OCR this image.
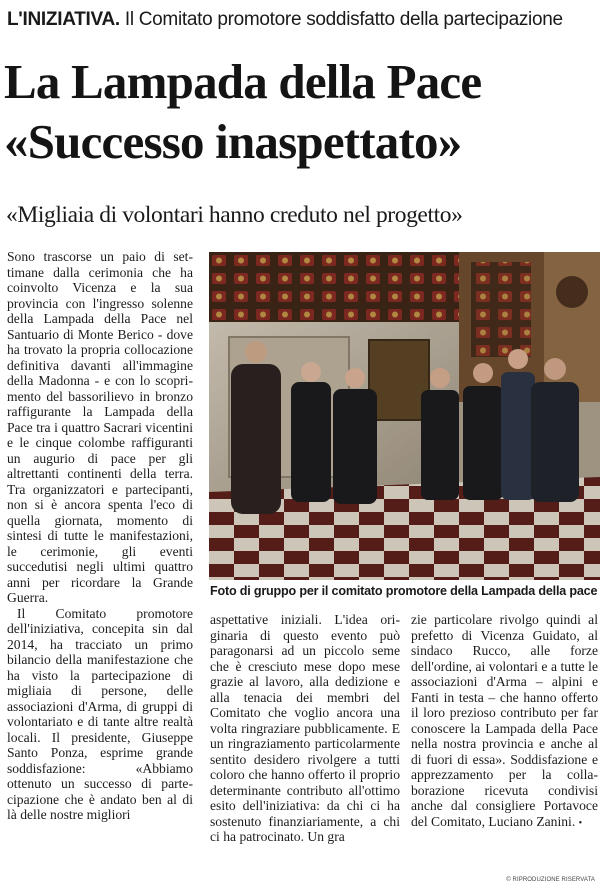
L'INIZIATIVA. Il Comitato promotore soddisfatto della partecipazione
La Lampada della Pace
«Successo inaspettato»
«Migliaia di volontari hanno creduto nel progetto»

Sono trascorse un paio di settimane dalla cerimonia che ha coinvolto Vicenza e la sua provincia con l'ingresso solenne della Lampada della Pace nel Santuario di Monte Berico - dove ha trovato la propria collocazione definitiva davanti all'immagine della Madonna - e con lo scoprimento del bassorilievo in bronzo raffigurante la Lampada della Pace tra i quattro Sacrari vicentini e le cinque colombe raffiguranti un augurio di pace per gli altrettanti continenti della terra. Tra organizzatori e partecipanti, non si è ancora spenta l'eco di quella giornata, momento di sintesi di tutte le manifestazioni, le cerimonie, gli eventi succedutisi negli ultimi quattro anni per ricordare la Grande Guerra.

Il Comitato promotore dell'iniziativa, concepita sin dal 2014, ha tracciato un primo bilancio della manifestazione che ha visto la partecipazione di migliaia di persone, delle associazioni d'Arma, di gruppi di volontariato e di tante altre realtà locali. Il presidente, Giuseppe Santo Ponza, esprime grande soddisfazione: «Abbiamo ottenuto un successo di partecipazione che è andato ben al di là delle nostre migliori

Foto di gruppo per il comitato promotore della Lampada della pace

aspettative iniziali. L'idea originaria di questo evento può paragonarsi ad un piccolo seme che è cresciuto mese dopo mese grazie al lavoro, alla dedizione e alla tenacia dei membri del Comitato che voglio ancora una volta ringraziare pubblicamente. E un ringraziamento particolarmente sentito desidero rivolgere a tutti coloro che hanno offerto il proprio determinante contributo all'ottimo esito dell'iniziativa: da chi ci ha sostenuto finanziariamente, a chi ci ha patrocinato. Un gra

zie particolare rivolgo quindi al prefetto di Vicenza Guidato, al sindaco Rucco, alle forze dell'ordine, ai volontari e a tutte le associazioni d'Arma – alpini e Fanti in testa – che hanno offerto il loro prezioso contributo per far conoscere la Lampada della Pace nella nostra provincia e anche al di fuori di essa». Soddisfazione e apprezzamento per la collaborazione ricevuta condivisi anche dal consigliere Portavoce del Comitato, Luciano Zanini. •

© RIPRODUZIONE RISERVATA
